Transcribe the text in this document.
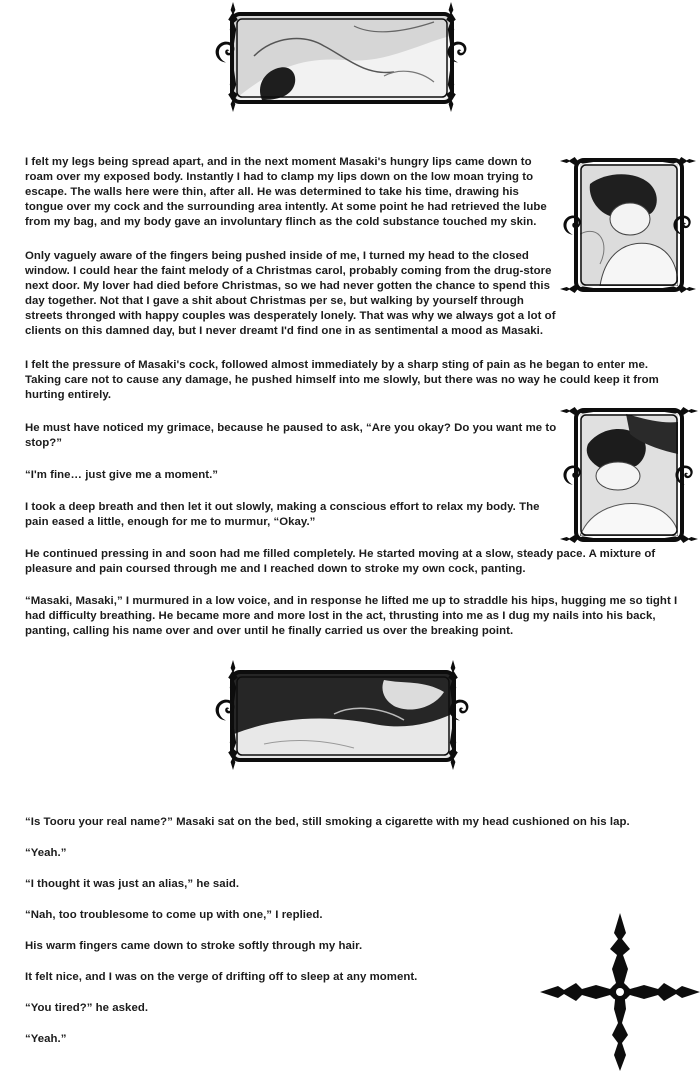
I felt my legs being spread apart, and in the next moment Masaki's hungry lips came down to roam over my exposed body. Instantly I had to clamp my lips down on the low moan trying to escape. The walls here were thin, after all. He was determined to take his time, drawing his tongue over my cock and the surrounding area intently. At some point he had retrieved the lube from my bag, and my body gave an involuntary flinch as the cold substance touched my skin.

Only vaguely aware of the fingers being pushed inside of me, I turned my head to the closed window. I could hear the faint melody of a Christmas carol, probably coming from the drug-store next door. My lover had died before Christmas, so we had never gotten the chance to spend this day together. Not that I gave a shit about Christmas per se, but walking by yourself through streets thronged with happy couples was desperately lonely. That was why we always got a lot of clients on this damned day, but I never dreamt I'd find one in as sentimental a mood as Masaki.

I felt the pressure of Masaki's cock, followed almost immediately by a sharp sting of pain as he began to enter me. Taking care not to cause any damage, he pushed himself into me slowly, but there was no way he could keep it from hurting entirely.

He must have noticed my grimace, because he paused to ask, “Are you okay? Do you want me to stop?”

“I'm fine… just give me a moment.”

I took a deep breath and then let it out slowly, making a conscious effort to relax my body. The pain eased a little, enough for me to murmur, “Okay.”

He continued pressing in and soon had me filled completely. He started moving at a slow, steady pace. A mixture of pleasure and pain coursed through me and I reached down to stroke my own cock, panting.

“Masaki, Masaki,” I murmured in a low voice, and in response he lifted me up to straddle his hips, hugging me so tight I had difficulty breathing. He became more and more lost in the act, thrusting into me as I dug my nails into his back, panting, calling his name over and over until he finally carried us over the breaking point.

“Is Tooru your real name?” Masaki sat on the bed, still smoking a cigarette with my head cushioned on his lap.

“Yeah.”

“I thought it was just an alias,” he said.

“Nah, too troublesome to come up with one,” I replied.

His warm fingers came down to stroke softly through my hair.

It felt nice, and I was on the verge of drifting off to sleep at any moment.

“You tired?” he asked.

“Yeah.”
